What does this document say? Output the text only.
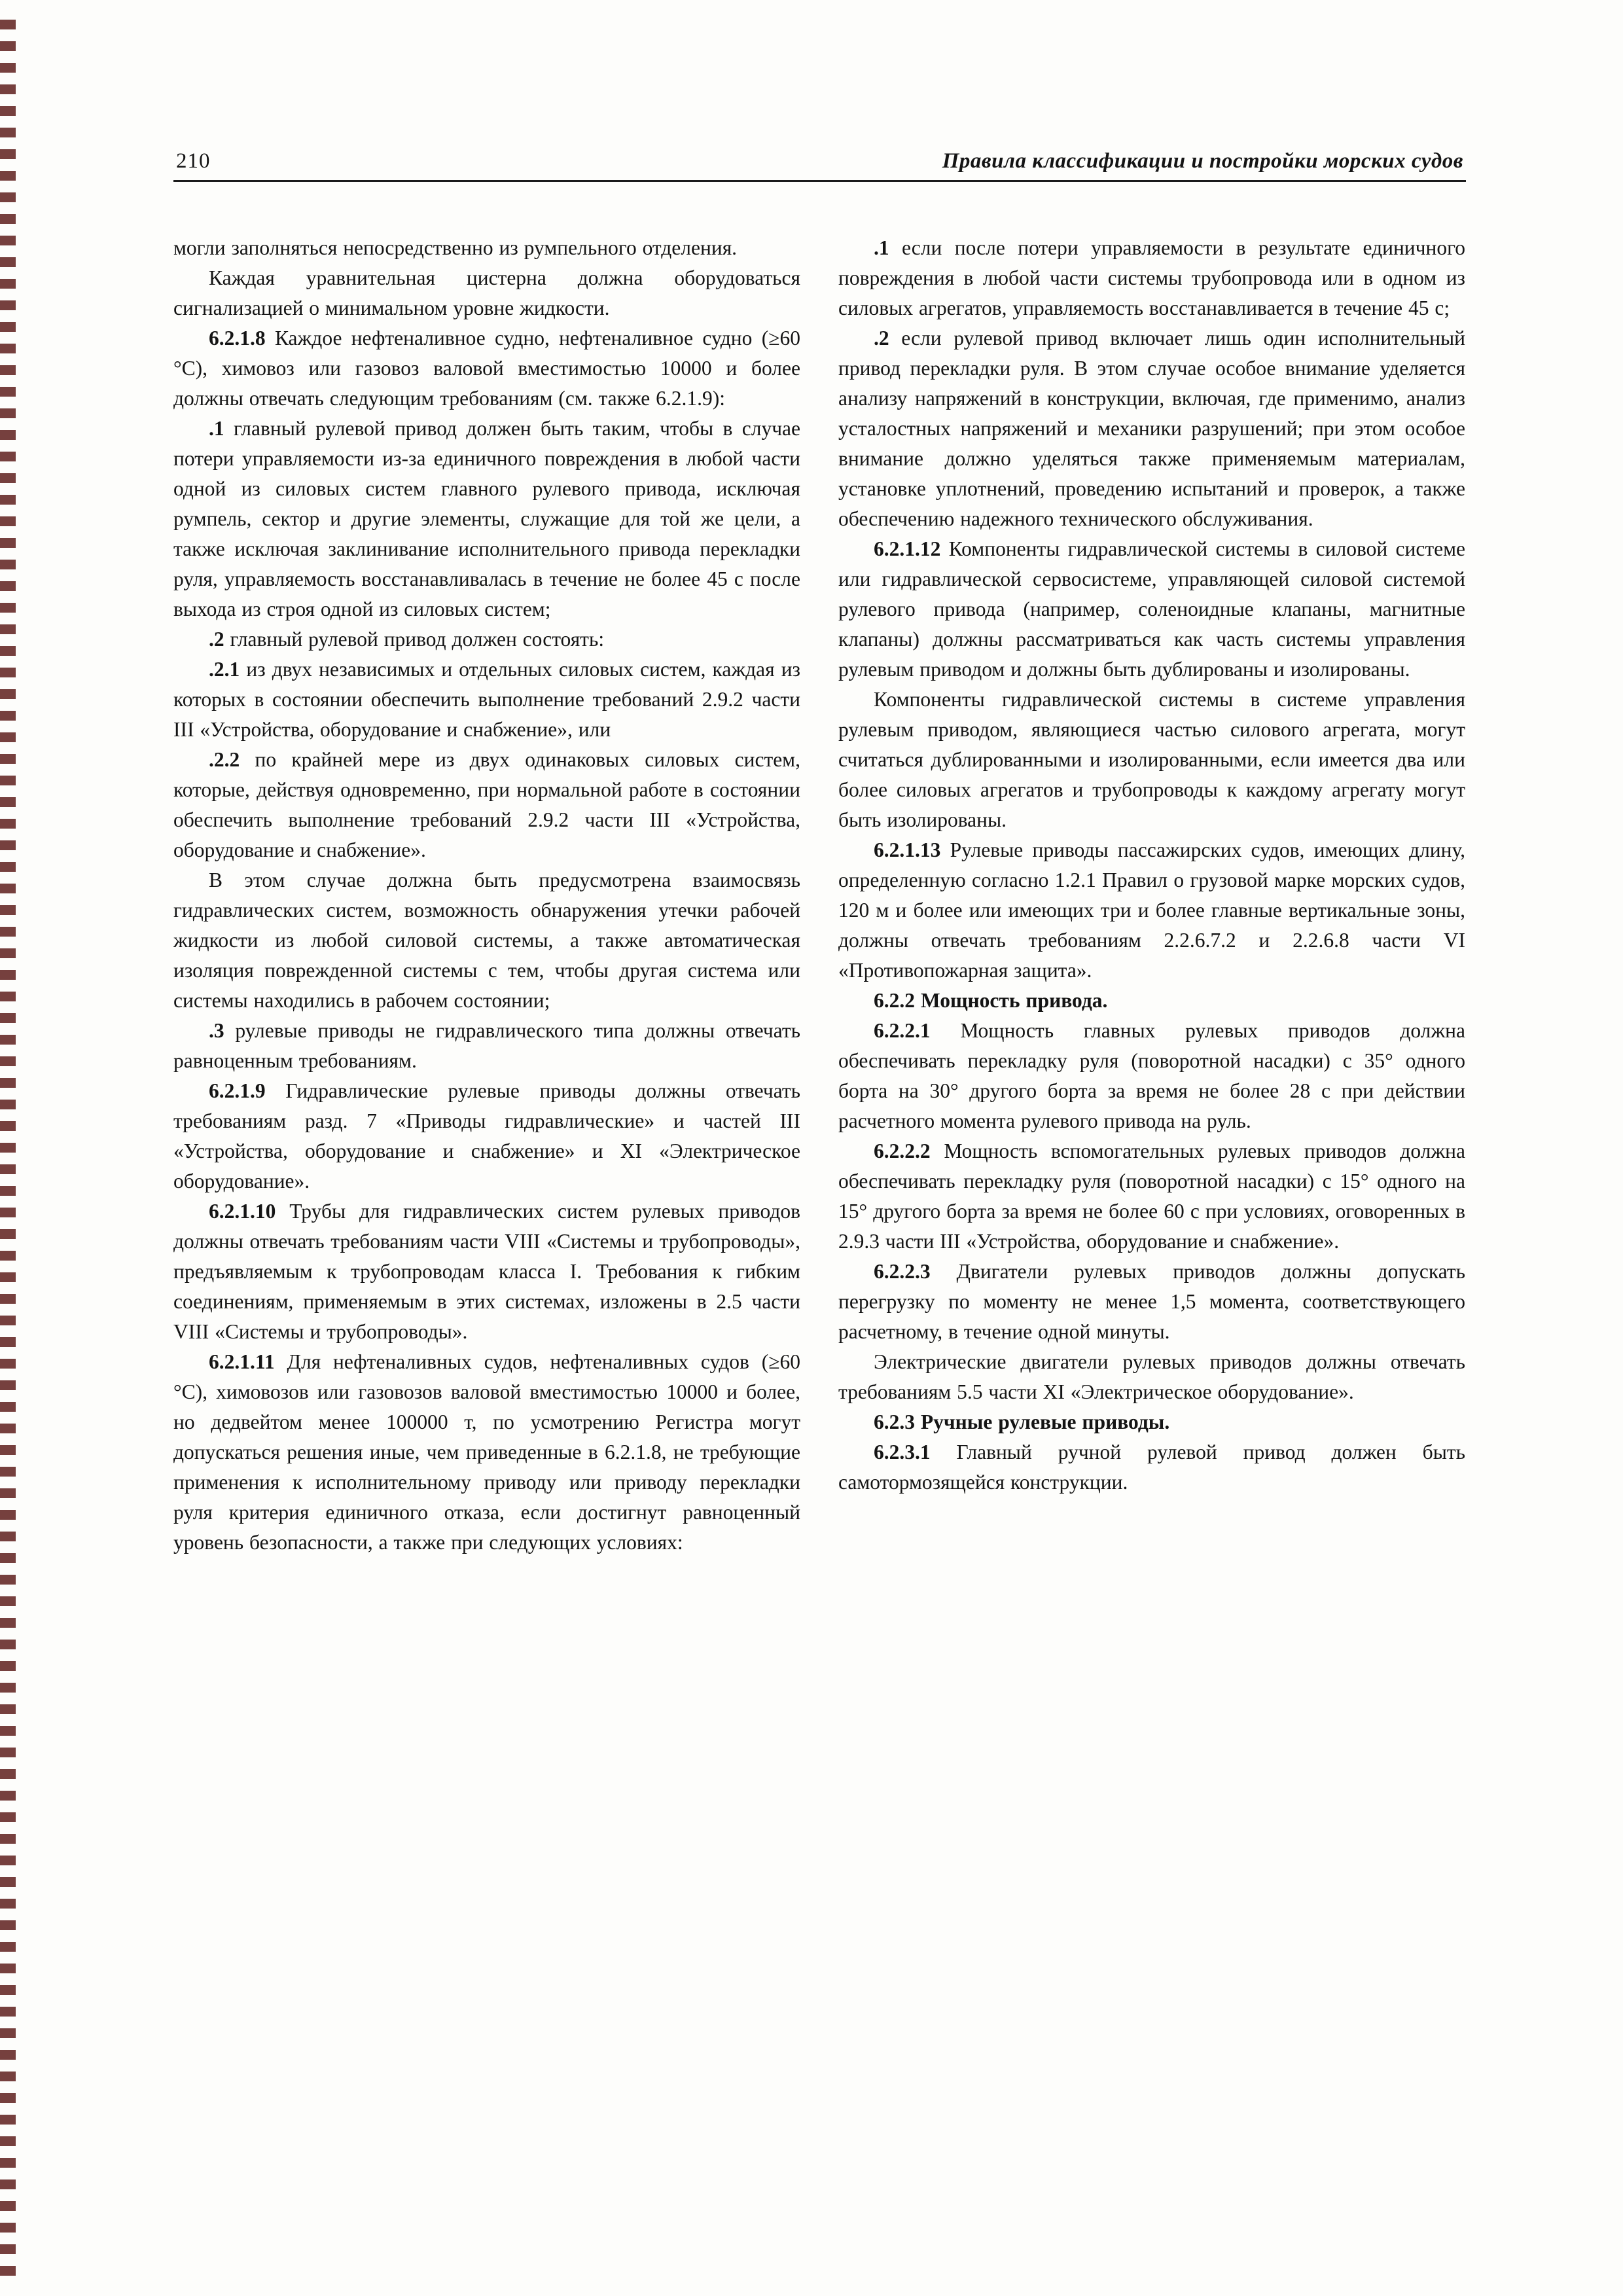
210	Правила классификации и постройки морских судов

могли заполняться непосредственно из румпельного отделения.

Каждая уравнительная цистерна должна оборудоваться сигнализацией о минимальном уровне жидкости.

6.2.1.8 Каждое нефтеналивное судно, нефтеналивное судно (≥60 °С), химовоз или газовоз валовой вместимостью 10000 и более должны отвечать следующим требованиям (см. также 6.2.1.9):

.1 главный рулевой привод должен быть таким, чтобы в случае потери управляемости из-за единичного повреждения в любой части одной из силовых систем главного рулевого привода, исключая румпель, сектор и другие элементы, служащие для той же цели, а также исключая заклинивание исполнительного привода перекладки руля, управляемость восстанавливалась в течение не более 45 с после выхода из строя одной из силовых систем;

.2 главный рулевой привод должен состоять:

.2.1 из двух независимых и отдельных силовых систем, каждая из которых в состоянии обеспечить выполнение требований 2.9.2 части III «Устройства, оборудование и снабжение», или

.2.2 по крайней мере из двух одинаковых силовых систем, которые, действуя одновременно, при нормальной работе в состоянии обеспечить выполнение требований 2.9.2 части III «Устройства, оборудование и снабжение».

В этом случае должна быть предусмотрена взаимосвязь гидравлических систем, возможность обнаружения утечки рабочей жидкости из любой силовой системы, а также автоматическая изоляция поврежденной системы с тем, чтобы другая система или системы находились в рабочем состоянии;

.3 рулевые приводы не гидравлического типа должны отвечать равноценным требованиям.

6.2.1.9 Гидравлические рулевые приводы должны отвечать требованиям разд. 7 «Приводы гидравлические» и частей III «Устройства, оборудование и снабжение» и XI «Электрическое оборудование».

6.2.1.10 Трубы для гидравлических систем рулевых приводов должны отвечать требованиям части VIII «Системы и трубопроводы», предъявляемым к трубопроводам класса I. Требования к гибким соединениям, применяемым в этих системах, изложены в 2.5 части VIII «Системы и трубопроводы».

6.2.1.11 Для нефтеналивных судов, нефтеналивных судов (≥60 °С), химовозов или газовозов валовой вместимостью 10000 и более, но дедвейтом менее 100000 т, по усмотрению Регистра могут допускаться решения иные, чем приведенные в 6.2.1.8, не требующие применения к исполнительному приводу или приводу перекладки руля критерия единичного отказа, если достигнут равноценный уровень безопасности, а также при следующих условиях:

.1 если после потери управляемости в результате единичного повреждения в любой части системы трубопровода или в одном из силовых агрегатов, управляемость восстанавливается в течение 45 с;

.2 если рулевой привод включает лишь один исполнительный привод перекладки руля. В этом случае особое внимание уделяется анализу напряжений в конструкции, включая, где применимо, анализ усталостных напряжений и механики разрушений; при этом особое внимание должно уделяться также применяемым материалам, установке уплотнений, проведению испытаний и проверок, а также обеспечению надежного технического обслуживания.

6.2.1.12 Компоненты гидравлической системы в силовой системе или гидравлической сервосистеме, управляющей силовой системой рулевого привода (например, соленоидные клапаны, магнитные клапаны) должны рассматриваться как часть системы управления рулевым приводом и должны быть дублированы и изолированы.

Компоненты гидравлической системы в системе управления рулевым приводом, являющиеся частью силового агрегата, могут считаться дублированными и изолированными, если имеется два или более силовых агрегатов и трубопроводы к каждому агрегату могут быть изолированы.

6.2.1.13 Рулевые приводы пассажирских судов, имеющих длину, определенную согласно 1.2.1 Правил о грузовой марке морских судов, 120 м и более или имеющих три и более главные вертикальные зоны, должны отвечать требованиям 2.2.6.7.2 и 2.2.6.8 части VI «Противопожарная защита».

6.2.2 Мощность привода.

6.2.2.1 Мощность главных рулевых приводов должна обеспечивать перекладку руля (поворотной насадки) с 35° одного борта на 30° другого борта за время не более 28 с при действии расчетного момента рулевого привода на руль.

6.2.2.2 Мощность вспомогательных рулевых приводов должна обеспечивать перекладку руля (поворотной насадки) с 15° одного на 15° другого борта за время не более 60 с при условиях, оговоренных в 2.9.3 части III «Устройства, оборудование и снабжение».

6.2.2.3 Двигатели рулевых приводов должны допускать перегрузку по моменту не менее 1,5 момента, соответствующего расчетному, в течение одной минуты.

Электрические двигатели рулевых приводов должны отвечать требованиям 5.5 части XI «Электрическое оборудование».

6.2.3 Ручные рулевые приводы.

6.2.3.1 Главный ручной рулевой привод должен быть самотормозящейся конструкции.
